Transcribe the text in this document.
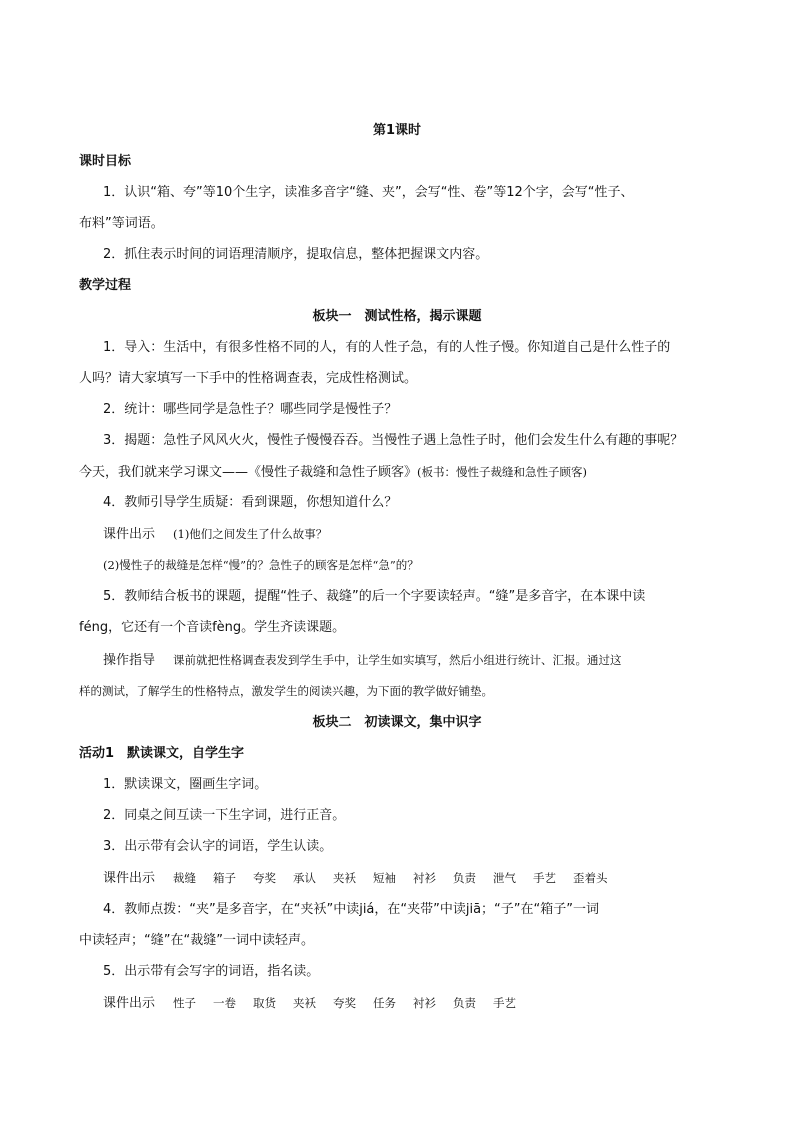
第1课时
课时目标
1．认识“箱、夸”等10个生字，读准多音字“缝、夹”，会写“性、卷”等12个字，会写“性子、
布料”等词语。
2．抓住表示时间的词语理清顺序，提取信息，整体把握课文内容。
教学过程
板块一　测试性格，揭示课题
1．导入：生活中，有很多性格不同的人，有的人性子急，有的人性子慢。你知道自己是什么性子的
人吗？请大家填写一下手中的性格调查表，完成性格测试。
2．统计：哪些同学是急性子？哪些同学是慢性子？
3．揭题：急性子风风火火，慢性子慢慢吞吞。当慢性子遇上急性子时，他们会发生什么有趣的事呢？
今天，我们就来学习课文——《慢性子裁缝和急性子顾客》(板书：慢性子裁缝和急性子顾客)
4．教师引导学生质疑：看到课题，你想知道什么？
课件出示 (1)他们之间发生了什么故事？
(2)慢性子的裁缝是怎样“慢”的？急性子的顾客是怎样“急”的？
5．教师结合板书的课题，提醒“性子、裁缝”的后一个字要读轻声。“缝”是多音字，在本课中读
féng，它还有一个音读fèng。学生齐读课题。
操作指导 课前就把性格调查表发到学生手中，让学生如实填写，然后小组进行统计、汇报。通过这
样的测试，了解学生的性格特点，激发学生的阅读兴趣，为下面的教学做好铺垫。
板块二　初读课文，集中识字
活动1　默读课文，自学生字
1．默读课文，圈画生字词。
2．同桌之间互读一下生字词，进行正音。
3．出示带有会认字的词语，学生认读。
课件出示 裁缝 箱子 夸奖 承认 夹袄 短袖 衬衫 负责 泄气 手艺 歪着头
4．教师点拨：“夹”是多音字，在“夹袄”中读jiá，在“夹带”中读jiā；“子”在“箱子”一词
中读轻声；“缝”在“裁缝”一词中读轻声。
5．出示带有会写字的词语，指名读。
课件出示 性子 一卷 取货 夹袄 夸奖 任务 衬衫 负责 手艺
